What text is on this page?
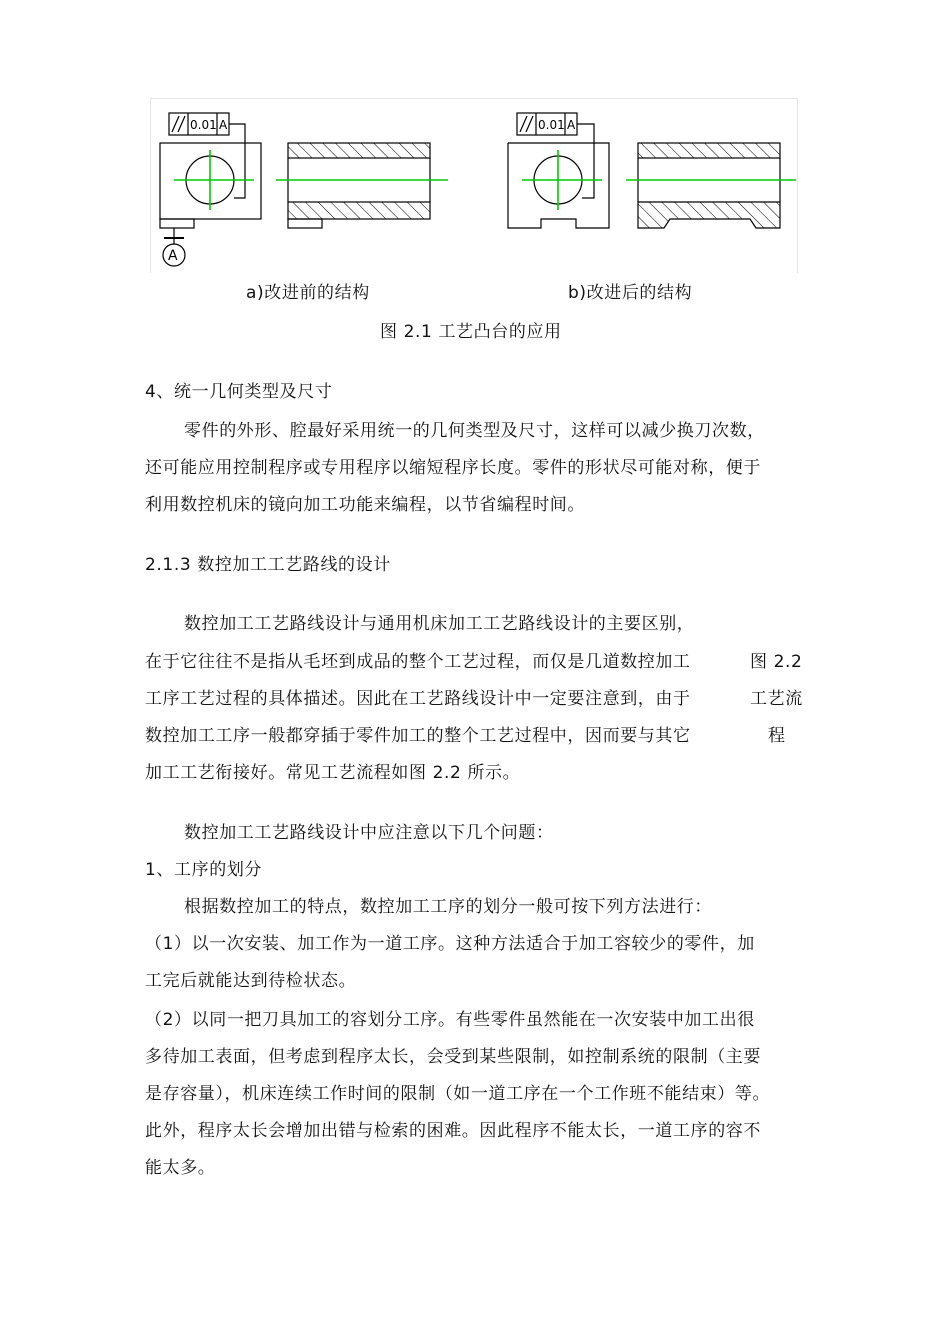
0.01 A
A
0.01 A
a)改进前的结构	b)改进后的结构
图 2.1 工艺凸台的应用
4、统一几何类型及尺寸
零件的外形、腔最好采用统一的几何类型及尺寸，这样可以减少换刀次数，
还可能应用控制程序或专用程序以缩短程序长度。零件的形状尽可能对称，便于
利用数控机床的镜向加工功能来编程，以节省编程时间。
2.1.3 数控加工工艺路线的设计
数控加工工艺路线设计与通用机床加工工艺路线设计的主要区别，
在于它往往不是指从毛坯到成品的整个工艺过程，而仅是几道数控加工
工序工艺过程的具体描述。因此在工艺路线设计中一定要注意到，由于
数控加工工序一般都穿插于零件加工的整个工艺过程中，因而要与其它
加工工艺衔接好。常见工艺流程如图 2.2 所示。
图 2.2
工艺流
程
数控加工工艺路线设计中应注意以下几个问题：
1、工序的划分
根据数控加工的特点，数控加工工序的划分一般可按下列方法进行：
（1）以一次安装、加工作为一道工序。这种方法适合于加工容较少的零件，加
工完后就能达到待检状态。
（2）以同一把刀具加工的容划分工序。有些零件虽然能在一次安装中加工出很
多待加工表面，但考虑到程序太长，会受到某些限制，如控制系统的限制（主要
是存容量），机床连续工作时间的限制（如一道工序在一个工作班不能结束）等。
此外，程序太长会增加出错与检索的困难。因此程序不能太长，一道工序的容不
能太多。
